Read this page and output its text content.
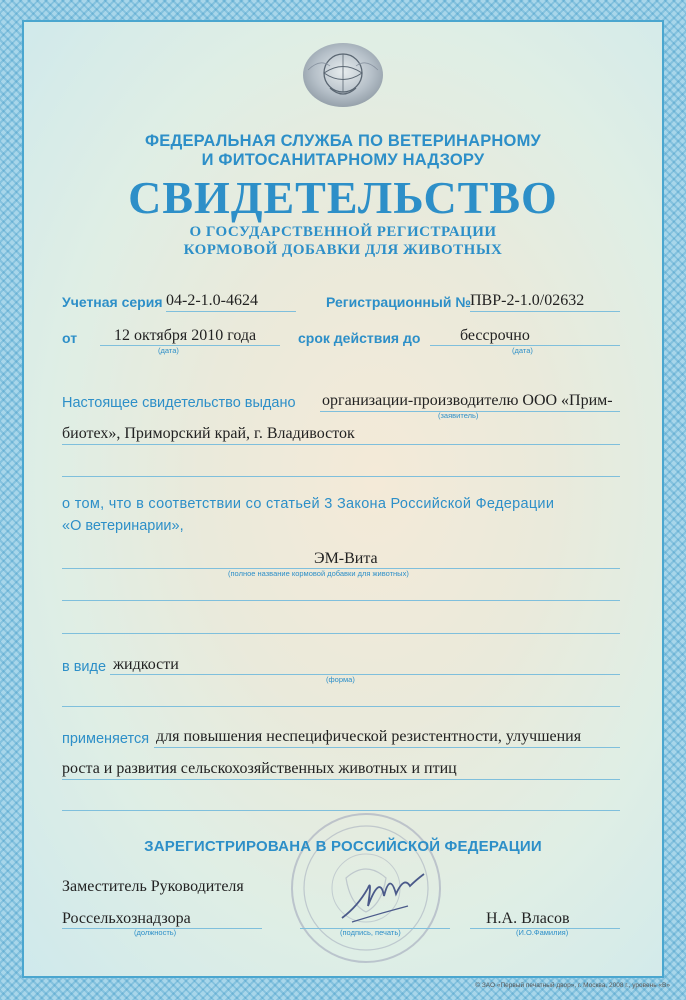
ФЕДЕРАЛЬНАЯ СЛУЖБА ПО ВЕТЕРИНАРНОМУ
И ФИТОСАНИТАРНОМУ НАДЗОРУ
СВИДЕТЕЛЬСТВО
О ГОСУДАРСТВЕННОЙ РЕГИСТРАЦИИ
КОРМОВОЙ ДОБАВКИ ДЛЯ ЖИВОТНЫХ
Учетная серия 04-2-1.0-4624	Регистрационный № ПВР-2-1.0/02632
от 12 октября 2010 года
(дата)
срок действия до бессрочно
(дата)
Настоящее свидетельство выдано организации-производителю ООО «Прим-
(заявитель)
биотех», Приморский край, г. Владивосток
о том, что в соответствии со статьей 3 Закона Российской Федерации
«О ветеринарии»,
ЭМ-Вита
(полное название кормовой добавки для животных)
в виде жидкости
(форма)
применяется для повышения неспецифической резистентности, улучшения
роста и развития сельскохозяйственных животных и птиц
ЗАРЕГИСТРИРОВАНА В РОССИЙСКОЙ ФЕДЕРАЦИИ
Заместитель Руководителя
Россельхознадзора
(должность)	(подпись, печать)
Н.А. Власов
(И.О.Фамилия)
© ЗАО «Первый печатный двор», г. Москва, 2008 г., уровень «В»
